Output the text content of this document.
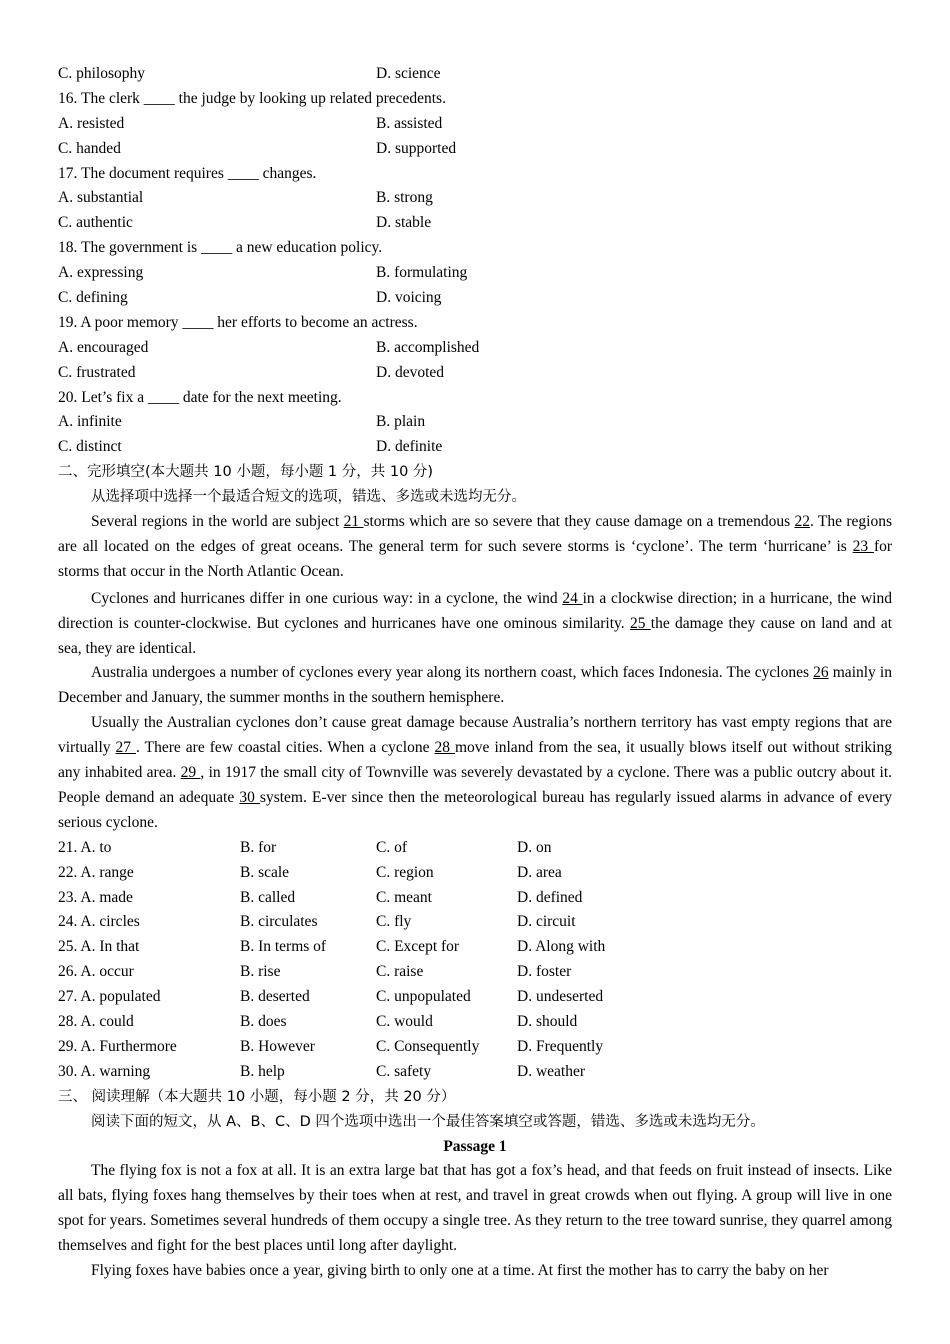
C. philosophy	D. science
16. The clerk ____ the judge by looking up related precedents.
A. resisted	B. assisted
C. handed	D. supported
17. The document requires ____ changes.
A. substantial	B. strong
C. authentic	D. stable
18. The government is ____ a new education policy.
A. expressing	B. formulating
C. defining	D. voicing
19. A poor memory ____ her efforts to become an actress.
A. encouraged	B. accomplished
C. frustrated	D. devoted
20. Let’s fix a ____ date for the next meeting.
A. infinite	B. plain
C. distinct	D. definite
二、完形填空(本大题共 10 小题，每小题 1 分，共 10 分)
从选择项中选择一个最适合短文的选项，错选、多选或未选均无分。

Several regions in the world are subject 21 storms which are so severe that they cause damage on a tremendous 22. The regions are all located on the edges of great oceans. The general term for such severe storms is ‘cyclone’. The term ‘hurricane’ is 23 for storms that occur in the North Atlantic Ocean.

Cyclones and hurricanes differ in one curious way: in a cyclone, the wind 24 in a clockwise direction; in a hurricane, the wind direction is counter-clockwise. But cyclones and hurricanes have one ominous similarity. 25 the damage they cause on land and at sea, they are identical.

Australia undergoes a number of cyclones every year along its northern coast, which faces Indonesia. The cyclones 26 mainly in December and January, the summer months in the southern hemisphere.

Usually the Australian cyclones don’t cause great damage because Australia’s northern territory has vast empty regions that are virtually 27 . There are few coastal cities. When a cyclone 28 move inland from the sea, it usually blows itself out without striking any inhabited area. 29 , in 1917 the small city of Townville was severely devastated by a cyclone. There was a public outcry about it. People demand an adequate 30 system. E-ver since then the meteorological bureau has regularly issued alarms in advance of every serious cyclone.

21. A. to	B. for	C. of	D. on
22. A. range	B. scale	C. region	D. area
23. A. made	B. called	C. meant	D. defined
24. A. circles	B. circulates	C. fly	D. circuit
25. A. In that	B. In terms of	C. Except for	D. Along with
26. A. occur	B. rise	C. raise	D. foster
27. A. populated	B. deserted	C. unpopulated	D. undeserted
28. A. could	B. does	C. would	D. should
29. A. Furthermore	B. However	C. Consequently	D. Frequently
30. A. warning	B. help	C. safety	D. weather
三、 阅读理解（本大题共 10 小题，每小题 2 分，共 20 分）
阅读下面的短文，从 A、B、C、D 四个选项中选出一个最佳答案填空或答题，错选、多选或未选均无分。
Passage 1

The flying fox is not a fox at all. It is an extra large bat that has got a fox’s head, and that feeds on fruit instead of insects. Like all bats, flying foxes hang themselves by their toes when at rest, and travel in great crowds when out flying. A group will live in one spot for years. Sometimes several hundreds of them occupy a single tree. As they return to the tree toward sunrise, they quarrel among themselves and fight for the best places until long after daylight.

Flying foxes have babies once a year, giving birth to only one at a time. At first the mother has to carry the baby on her
